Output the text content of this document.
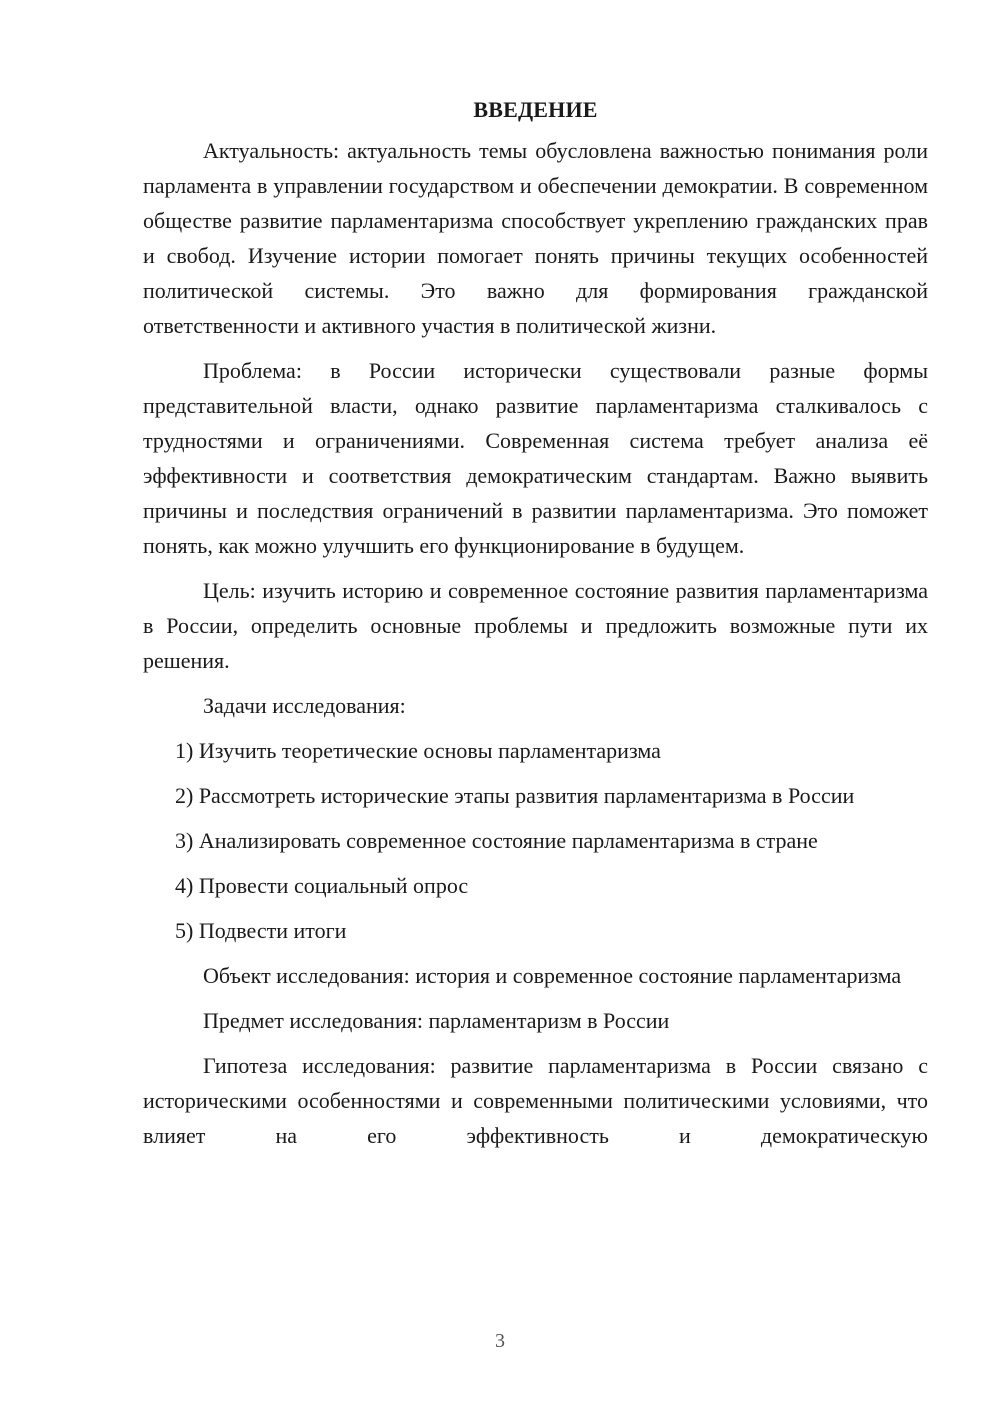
ВВЕДЕНИЕ

Актуальность: актуальность темы обусловлена важностью понимания роли парламента в управлении государством и обеспечении демократии. В современном обществе развитие парламентаризма способствует укреплению гражданских прав и свобод. Изучение истории помогает понять причины текущих особенностей политической системы. Это важно для формирования гражданской ответственности и активного участия в политической жизни.

Проблема: в России исторически существовали разные формы представительной власти, однако развитие парламентаризма сталкивалось с трудностями и ограничениями. Современная система требует анализа её эффективности и соответствия демократическим стандартам. Важно выявить причины и последствия ограничений в развитии парламентаризма. Это поможет понять, как можно улучшить его функционирование в будущем.

Цель: изучить историю и современное состояние развития парламентаризма в России, определить основные проблемы и предложить возможные пути их решения.

Задачи исследования:

1) Изучить теоретические основы парламентаризма

2) Рассмотреть исторические этапы развития парламентаризма в России

3) Анализировать современное состояние парламентаризма в стране

4) Провести социальный опрос

5) Подвести итоги

Объект исследования: история и современное состояние парламентаризма

Предмет исследования: парламентаризм в России

Гипотеза исследования: развитие парламентаризма в России связано с историческими особенностями и современными политическими условиями, что влияет на его эффективность и демократическую

3
